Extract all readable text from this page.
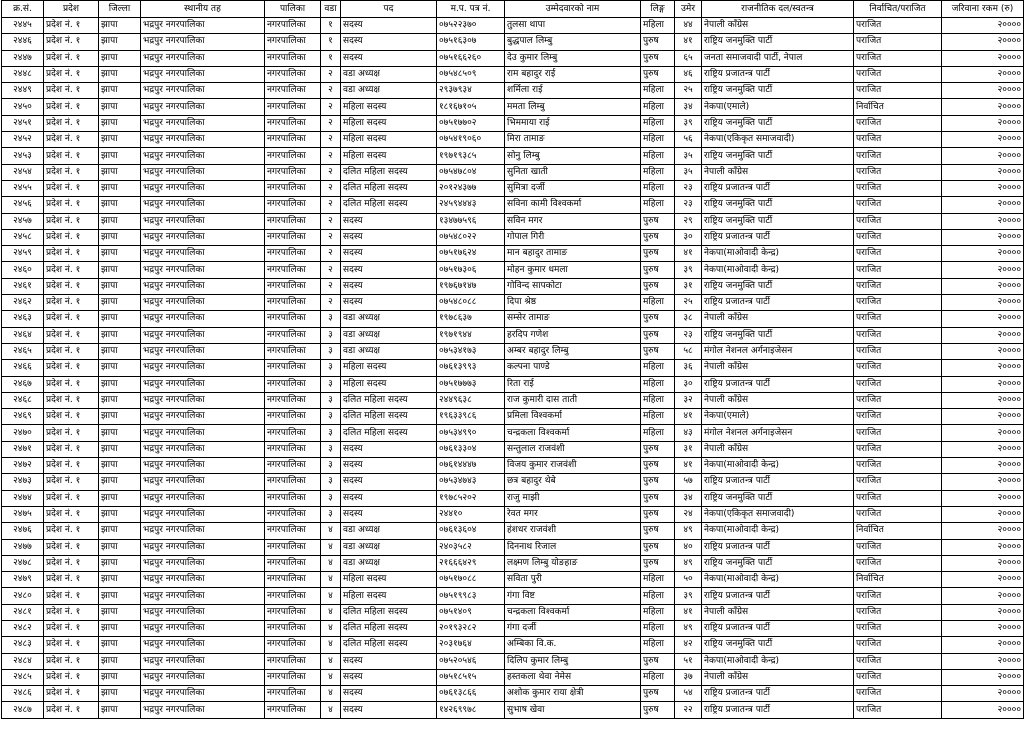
क्र.सं.	प्रदेश	जिल्ला	स्थानीय तह	पालिका	वडा	पद	म.प. पत्र नं.	उम्मेदवारको नाम	लिङ्ग	उमेर	राजनीतिक दल/स्वतन्त्र	निर्वाचित/पराजित	जरिवाना रकम (रु)
२४४५	प्रदेश नं. १	झापा	भद्रपुर नगरपालिका	नगरपालिका	१	सदस्य	०७५२२३७०	तुलसा थापा	महिला	४४	नेपाली काँग्रेस	पराजित	२००००
२४४६	प्रदेश नं. १	झापा	भद्रपुर नगरपालिका	नगरपालिका	१	सदस्य	०७५१६३०७	बुद्धपाल लिम्बु	पुरुष	४१	राष्ट्रिय जनमुक्ति पार्टी	पराजित	२००००
२४४७	प्रदेश नं. १	झापा	भद्रपुर नगरपालिका	नगरपालिका	१	सदस्य	०७५१६६२६०	देउ कुमार लिम्बु	पुरुष	६५	जनता समाजवादी पार्टी, नेपाल	पराजित	२००००
२४४८	प्रदेश नं. १	झापा	भद्रपुर नगरपालिका	नगरपालिका	२	वडा अध्यक्ष	०७५४८५०९	राम बहादुर राई	पुरुष	४६	राष्ट्रिय प्रजातन्त्र पार्टी	पराजित	२००००
२४४९	प्रदेश नं. १	झापा	भद्रपुर नगरपालिका	नगरपालिका	२	वडा अध्यक्ष	२९३७९३४	शर्मिला राई	महिला	२५	राष्ट्रिय जनमुक्ति पार्टी	पराजित	२००००
२४५०	प्रदेश नं. १	झापा	भद्रपुर नगरपालिका	नगरपालिका	२	महिला सदस्य	१८१६७१०५	ममता लिम्बु	महिला	३४	नेकपा(एमाले)	निर्वाचित	२००००
२४५१	प्रदेश नं. १	झापा	भद्रपुर नगरपालिका	नगरपालिका	२	महिला सदस्य	०७५१७७०२	भिममाया राई	महिला	३९	राष्ट्रिय जनमुक्ति पार्टी	पराजित	२००००
२४५२	प्रदेश नं. १	झापा	भद्रपुर नगरपालिका	नगरपालिका	२	महिला सदस्य	०७५४१९०६०	मिरा तामाङ	महिला	५६	नेकपा(एकिकृत समाजवादी)	पराजित	२००००
२४५३	प्रदेश नं. १	झापा	भद्रपुर नगरपालिका	नगरपालिका	२	महिला सदस्य	१९७१९३८५	सोनु लिम्बु	महिला	३५	राष्ट्रिय जनमुक्ति पार्टी	पराजित	२००००
२४५४	प्रदेश नं. १	झापा	भद्रपुर नगरपालिका	नगरपालिका	२	दलित महिला सदस्य	०७५४७८०४	सुनिता खाती	महिला	३५	नेपाली काँग्रेस	पराजित	२००००
२४५५	प्रदेश नं. १	झापा	भद्रपुर नगरपालिका	नगरपालिका	२	दलित महिला सदस्य	२०१२४३७७	सुमित्रा दर्जी	महिला	२३	राष्ट्रिय प्रजातन्त्र पार्टी	पराजित	२००००
२४५६	प्रदेश नं. १	झापा	भद्रपुर नगरपालिका	नगरपालिका	२	दलित महिला सदस्य	२४५९४४४३	सविना कामी विश्वकर्मा	महिला	२३	राष्ट्रिय जनमुक्ति पार्टी	पराजित	२००००
२४५७	प्रदेश नं. १	झापा	भद्रपुर नगरपालिका	नगरपालिका	२	सदस्य	१३४७७५९६	सविन मगर	पुरुष	२९	राष्ट्रिय जनमुक्ति पार्टी	पराजित	२००००
२४५८	प्रदेश नं. १	झापा	भद्रपुर नगरपालिका	नगरपालिका	२	सदस्य	०७५४८०२२	गोपाल गिरी	पुरुष	३०	राष्ट्रिय प्रजातन्त्र पार्टी	पराजित	२००००
२४५९	प्रदेश नं. १	झापा	भद्रपुर नगरपालिका	नगरपालिका	२	सदस्य	०७५१७६२४	मान बहादुर तामाङ	पुरुष	४१	नेकपा(माओवादी केन्द्र)	पराजित	२००००
२४६०	प्रदेश नं. १	झापा	भद्रपुर नगरपालिका	नगरपालिका	२	सदस्य	०७५१७३०६	मोहन कुमार धमला	पुरुष	३९	नेकपा(माओवादी केन्द्र)	पराजित	२००००
२४६१	प्रदेश नं. १	झापा	भद्रपुर नगरपालिका	नगरपालिका	२	सदस्य	१९७६७१४७	गोविन्द सापकोटा	पुरुष	३१	राष्ट्रिय जनमुक्ति पार्टी	पराजित	२००००
२४६२	प्रदेश नं. १	झापा	भद्रपुर नगरपालिका	नगरपालिका	२	सदस्य	०७५४८०८८	दिपा श्रेष्ठ	महिला	२५	राष्ट्रिय प्रजातन्त्र पार्टी	पराजित	२००००
२४६३	प्रदेश नं. १	झापा	भद्रपुर नगरपालिका	नगरपालिका	३	वडा अध्यक्ष	१९७८६३७	सम्सेर तामाङ	पुरुष	३८	नेपाली काँग्रेस	पराजित	२००००
२४६४	प्रदेश नं. १	झापा	भद्रपुर नगरपालिका	नगरपालिका	३	वडा अध्यक्ष	१९७१९४४	हरदिप गणेश	पुरुष	२३	राष्ट्रिय जनमुक्ति पार्टी	पराजित	२००००
२४६५	प्रदेश नं. १	झापा	भद्रपुर नगरपालिका	नगरपालिका	३	वडा अध्यक्ष	०७५३४१७३	अम्बर बहादुर लिम्बु	पुरुष	५८	मंगोल नेशनल अर्गनाइजेसन	पराजित	२००००
२४६६	प्रदेश नं. १	झापा	भद्रपुर नगरपालिका	नगरपालिका	३	महिला सदस्य	०७६१३९९३	कल्पना पाण्डे	महिला	३६	नेपाली काँग्रेस	पराजित	२००००
२४६७	प्रदेश नं. १	झापा	भद्रपुर नगरपालिका	नगरपालिका	३	महिला सदस्य	०७५१७७७३	रिता राई	महिला	३०	राष्ट्रिय प्रजातन्त्र पार्टी	पराजित	२००००
२४६८	प्रदेश नं. १	झापा	भद्रपुर नगरपालिका	नगरपालिका	३	दलित महिला सदस्य	२४४९६३८	राज कुमारी दास ताती	महिला	३२	नेपाली काँग्रेस	पराजित	२००००
२४६९	प्रदेश नं. १	झापा	भद्रपुर नगरपालिका	नगरपालिका	३	दलित महिला सदस्य	१९६३३९८६	प्रमिला विश्वकर्मा	महिला	४१	नेकपा(एमाले)	पराजित	२००००
२४७०	प्रदेश नं. १	झापा	भद्रपुर नगरपालिका	नगरपालिका	३	दलित महिला सदस्य	०७५३४९९०	चन्द्रकला विश्वकर्मा	महिला	४३	मंगोल नेशनल अर्गनाइजेसन	पराजित	२००००
२४७१	प्रदेश नं. १	झापा	भद्रपुर नगरपालिका	नगरपालिका	३	सदस्य	०७६१३३०४	सन्तुलाल राजवंशी	पुरुष	३१	नेपाली काँग्रेस	पराजित	२००००
२४७२	प्रदेश नं. १	झापा	भद्रपुर नगरपालिका	नगरपालिका	३	सदस्य	०७६१४४४७	विजय कुमार राजवंशी	पुरुष	४१	नेकपा(माओवादी केन्द्र)	पराजित	२००००
२४७३	प्रदेश नं. १	झापा	भद्रपुर नगरपालिका	नगरपालिका	३	सदस्य	०७५३४७४३	छत्र बहादुर थेबे	पुरुष	५७	राष्ट्रिय प्रजातन्त्र पार्टी	पराजित	२००००
२४७४	प्रदेश नं. १	झापा	भद्रपुर नगरपालिका	नगरपालिका	३	सदस्य	१९७८५२०२	राजु माझी	पुरुष	३४	राष्ट्रिय जनमुक्ति पार्टी	पराजित	२००००
२४७५	प्रदेश नं. १	झापा	भद्रपुर नगरपालिका	नगरपालिका	३	सदस्य	२४४१०	रेवत मगर	पुरुष	२४	नेकपा(एकिकृत समाजवादी)	पराजित	२००००
२४७६	प्रदेश नं. १	झापा	भद्रपुर नगरपालिका	नगरपालिका	४	वडा अध्यक्ष	०७६१३६०४	हंशधर राजवंशी	पुरुष	४९	नेकपा(माओवादी केन्द्र)	निर्वाचित	२००००
२४७७	प्रदेश नं. १	झापा	भद्रपुर नगरपालिका	नगरपालिका	४	वडा अध्यक्ष	२४०३५८२	दिननाथ रिजाल	पुरुष	४०	राष्ट्रिय प्रजातन्त्र पार्टी	पराजित	२००००
२४७८	प्रदेश नं. १	झापा	भद्रपुर नगरपालिका	नगरपालिका	४	वडा अध्यक्ष	२१६६६४२९	लक्ष्मण लिम्बु योङहाङ	पुरुष	४९	राष्ट्रिय जनमुक्ति पार्टी	पराजित	२००००
२४७९	प्रदेश नं. १	झापा	भद्रपुर नगरपालिका	नगरपालिका	४	महिला सदस्य	०७५१७०८८	सविता पुरी	महिला	५०	नेकपा(माओवादी केन्द्र)	निर्वाचित	२००००
२४८०	प्रदेश नं. १	झापा	भद्रपुर नगरपालिका	नगरपालिका	४	महिला सदस्य	०७५१९९८३	गंगा विष्ट	महिला	३९	राष्ट्रिय प्रजातन्त्र पार्टी	पराजित	२००००
२४८१	प्रदेश नं. १	झापा	भद्रपुर नगरपालिका	नगरपालिका	४	दलित महिला सदस्य	०७५१४०९	चन्द्रकला विश्वकर्मा	महिला	४१	नेपाली काँग्रेस	पराजित	२००००
२४८२	प्रदेश नं. १	झापा	भद्रपुर नगरपालिका	नगरपालिका	४	दलित महिला सदस्य	२०१९३२८२	गंगा दर्जी	महिला	४९	राष्ट्रिय प्रजातन्त्र पार्टी	पराजित	२००००
२४८३	प्रदेश नं. १	झापा	भद्रपुर नगरपालिका	नगरपालिका	४	दलित महिला सदस्य	२०३१७६४	अम्बिका वि.क.	महिला	४२	राष्ट्रिय जनमुक्ति पार्टी	पराजित	२००००
२४८४	प्रदेश नं. १	झापा	भद्रपुर नगरपालिका	नगरपालिका	४	सदस्य	०७५२०५४६	दिलिप कुमार लिम्बु	पुरुष	५१	नेकपा(माओवादी केन्द्र)	पराजित	२००००
२४८५	प्रदेश नं. १	झापा	भद्रपुर नगरपालिका	नगरपालिका	४	सदस्य	०७५१८५१५	हस्तकला थेवा नेमेस	महिला	३७	नेपाली काँग्रेस	पराजित	२००००
२४८६	प्रदेश नं. १	झापा	भद्रपुर नगरपालिका	नगरपालिका	४	सदस्य	०७६१३८६६	अशोक कुमार राया क्षेत्री	पुरुष	५४	राष्ट्रिय प्रजातन्त्र पार्टी	पराजित	२००००
२४८७	प्रदेश नं. १	झापा	भद्रपुर नगरपालिका	नगरपालिका	४	सदस्य	१४२६९९७८	सुभाष खेवा	पुरुष	२२	राष्ट्रिय प्रजातन्त्र पार्टी	पराजित	२००००
